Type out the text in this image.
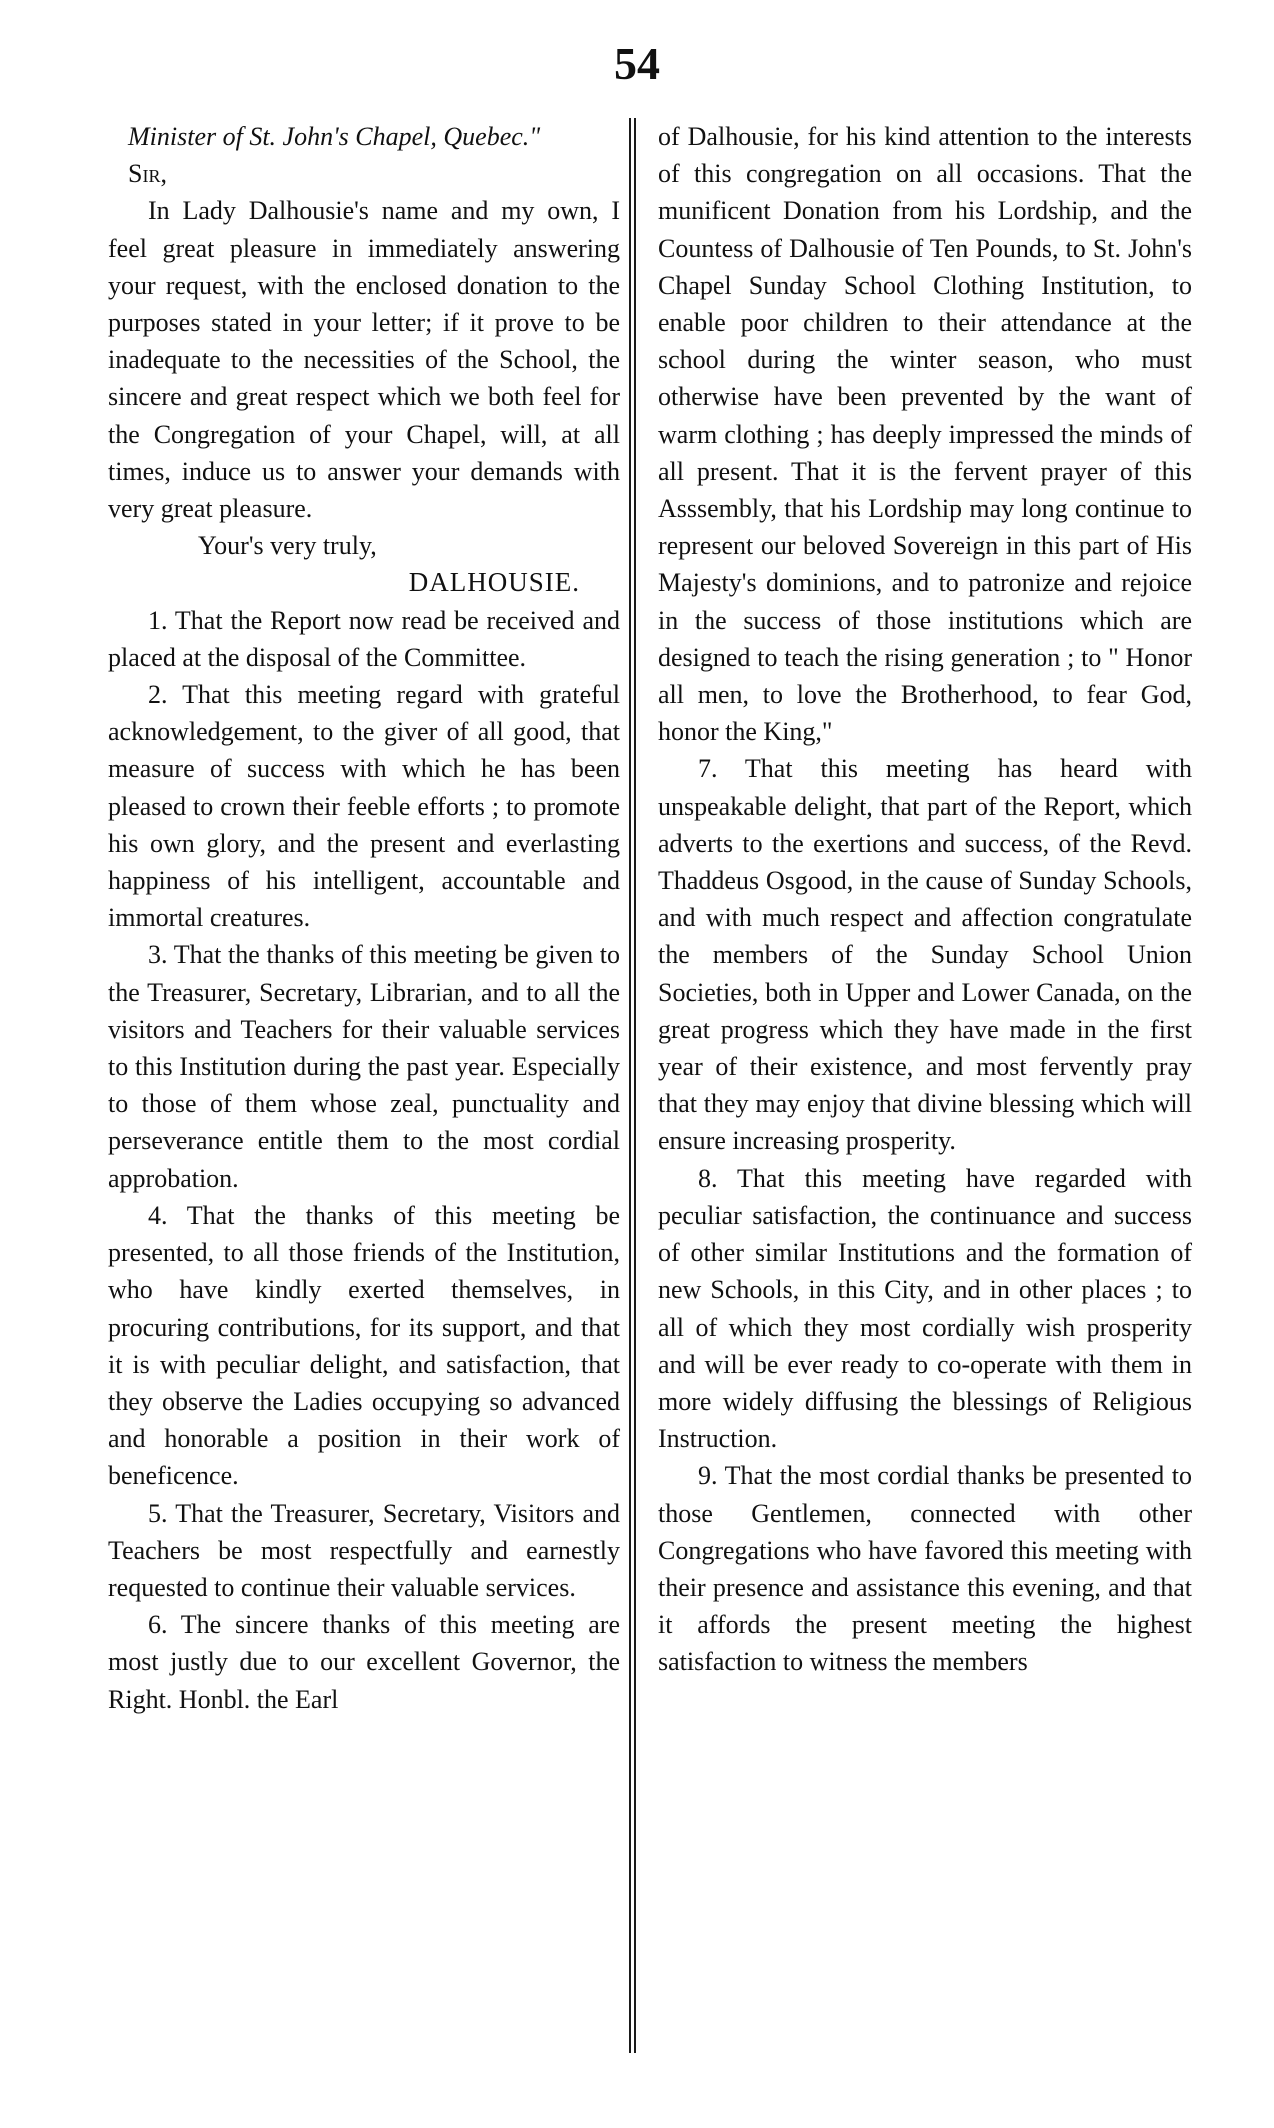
54

Minister of St. John's Chapel, Quebec."

Sir,

In Lady Dalhousie's name and my own, I feel great pleasure in immediately answering your request, with the enclosed donation to the purposes stated in your letter; if it prove to be inadequate to the necessities of the School, the sincere and great respect which we both feel for the Congregation of your Chapel, will, at all times, induce us to answer your demands with very great pleasure.

Your's very truly,

DALHOUSIE.

1. That the Report now read be received and placed at the disposal of the Committee.

2. That this meeting regard with grateful acknowledgement, to the giver of all good, that measure of success with which he has been pleased to crown their feeble efforts ; to promote his own glory, and the present and everlasting happiness of his intelligent, accountable and immortal creatures.

3. That the thanks of this meeting be given to the Treasurer, Secretary, Librarian, and to all the visitors and Teachers for their valuable services to this Institution during the past year. Especially to those of them whose zeal, punctuality and perseverance entitle them to the most cordial approbation.

4. That the thanks of this meeting be presented, to all those friends of the Institution, who have kindly exerted themselves, in procuring contributions, for its support, and that it is with peculiar delight, and satisfaction, that they observe the Ladies occupying so advanced and honorable a position in their work of beneficence.

5. That the Treasurer, Secretary, Visitors and Teachers be most respectfully and earnestly requested to continue their valuable services.

6. The sincere thanks of this meeting are most justly due to our excellent Governor, the Right. Honbl. the Earl

of Dalhousie, for his kind attention to the interests of this congregation on all occasions. That the munificent Donation from his Lordship, and the Countess of Dalhousie of Ten Pounds, to St. John's Chapel Sunday School Clothing Institution, to enable poor children to their attendance at the school during the winter season, who must otherwise have been prevented by the want of warm clothing ; has deeply impressed the minds of all present. That it is the fervent prayer of this Asssembly, that his Lordship may long continue to represent our beloved Sovereign in this part of His Majesty's dominions, and to patronize and rejoice in the success of those institutions which are designed to teach the rising generation ; to " Honor all men, to love the Brotherhood, to fear God, honor the King,"

7. That this meeting has heard with unspeakable delight, that part of the Report, which adverts to the exertions and success, of the Revd. Thaddeus Osgood, in the cause of Sunday Schools, and with much respect and affection congratulate the members of the Sunday School Union Societies, both in Upper and Lower Canada, on the great progress which they have made in the first year of their existence, and most fervently pray that they may enjoy that divine blessing which will ensure increasing prosperity.

8. That this meeting have regarded with peculiar satisfaction, the continuance and success of other similar Institutions and the formation of new Schools, in this City, and in other places ; to all of which they most cordially wish prosperity and will be ever ready to co-operate with them in more widely diffusing the blessings of Religious Instruction.

9. That the most cordial thanks be presented to those Gentlemen, connected with other Congregations who have favored this meeting with their presence and assistance this evening, and that it affords the present meeting the highest satisfaction to witness the members
